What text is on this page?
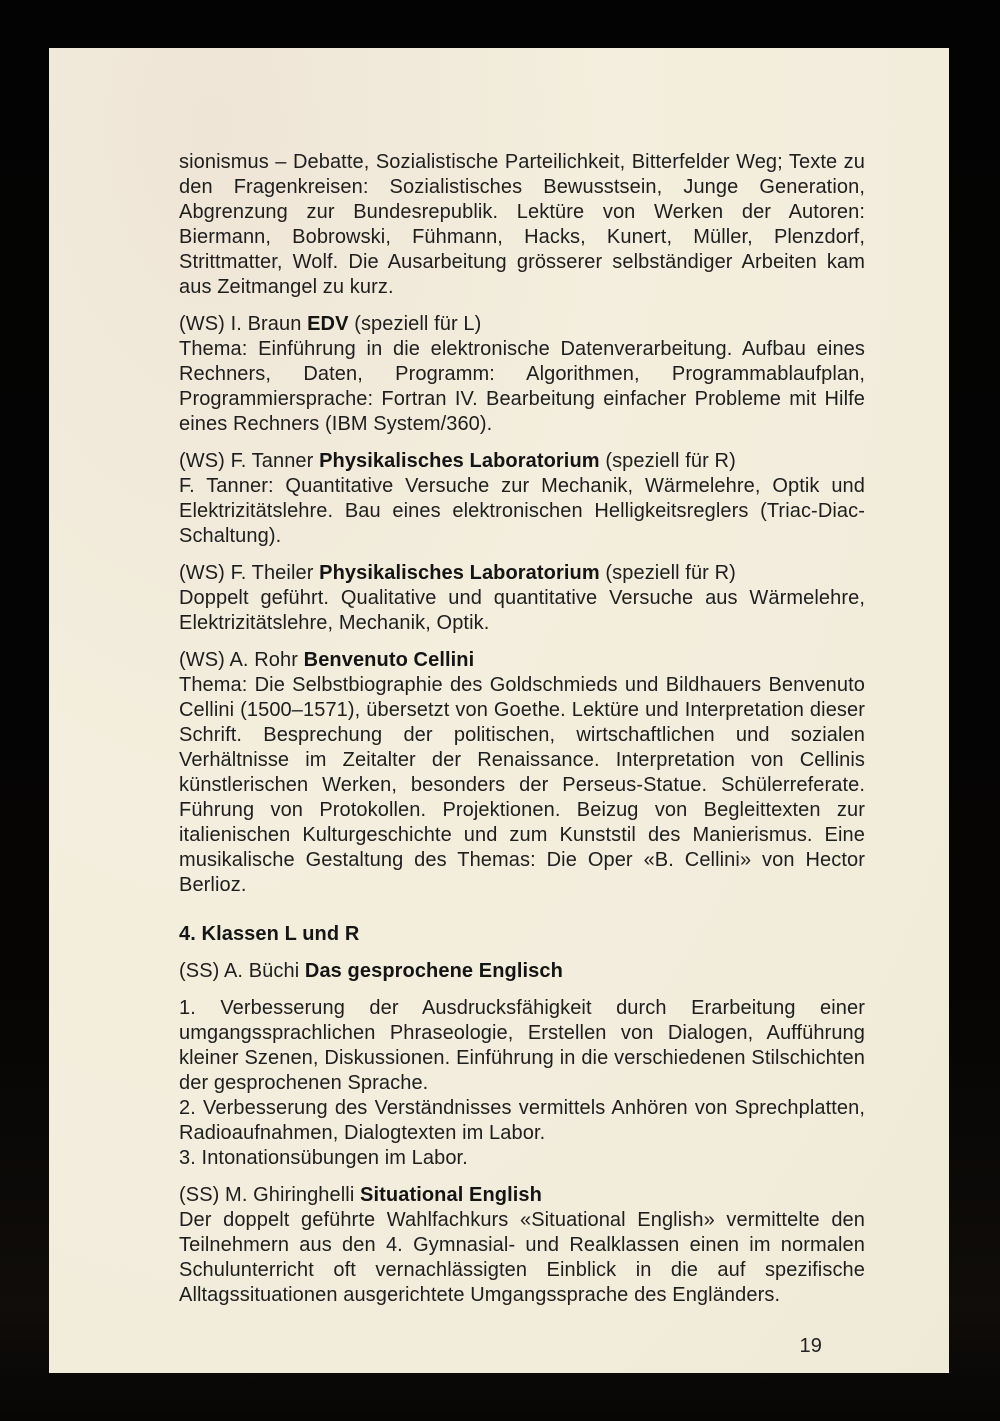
sionismus – Debatte, Sozialistische Parteilichkeit, Bitterfelder Weg; Texte zu den Fragenkreisen: Sozialistisches Bewusstsein, Junge Generation, Abgrenzung zur Bundesrepublik. Lektüre von Werken der Autoren: Biermann, Bobrowski, Fühmann, Hacks, Kunert, Müller, Plenzdorf, Strittmatter, Wolf. Die Ausarbeitung grösserer selbständiger Arbeiten kam aus Zeitmangel zu kurz.
(WS) I. Braun EDV (speziell für L)
Thema: Einführung in die elektronische Datenverarbeitung. Aufbau eines Rechners, Daten, Programm: Algorithmen, Programmablaufplan, Programmiersprache: Fortran IV. Bearbeitung einfacher Probleme mit Hilfe eines Rechners (IBM System/360).
(WS) F. Tanner Physikalisches Laboratorium (speziell für R)
F. Tanner: Quantitative Versuche zur Mechanik, Wärmelehre, Optik und Elektrizitätslehre. Bau eines elektronischen Helligkeitsreglers (Triac-Diac-Schaltung).
(WS) F. Theiler Physikalisches Laboratorium (speziell für R)
Doppelt geführt. Qualitative und quantitative Versuche aus Wärmelehre, Elektrizitätslehre, Mechanik, Optik.
(WS) A. Rohr Benvenuto Cellini
Thema: Die Selbstbiographie des Goldschmieds und Bildhauers Benvenuto Cellini (1500–1571), übersetzt von Goethe. Lektüre und Interpretation dieser Schrift. Besprechung der politischen, wirtschaftlichen und sozialen Verhältnisse im Zeitalter der Renaissance. Interpretation von Cellinis künstlerischen Werken, besonders der Perseus-Statue. Schülerreferate. Führung von Protokollen. Projektionen. Beizug von Begleittexten zur italienischen Kulturgeschichte und zum Kunststil des Manierismus. Eine musikalische Gestaltung des Themas: Die Oper «B. Cellini» von Hector Berlioz.
4. Klassen L und R
(SS) A. Büchi Das gesprochene Englisch
1. Verbesserung der Ausdrucksfähigkeit durch Erarbeitung einer umgangssprachlichen Phraseologie, Erstellen von Dialogen, Aufführung kleiner Szenen, Diskussionen. Einführung in die verschiedenen Stilschichten der gesprochenen Sprache.
2. Verbesserung des Verständnisses vermittels Anhören von Sprechplatten, Radioaufnahmen, Dialogtexten im Labor.
3. Intonationsübungen im Labor.
(SS) M. Ghiringhelli Situational English
Der doppelt geführte Wahlfachkurs «Situational English» vermittelte den Teilnehmern aus den 4. Gymnasial- und Realklassen einen im normalen Schulunterricht oft vernachlässigten Einblick in die auf spezifische Alltagssituationen ausgerichtete Umgangssprache des Engländers.
19
